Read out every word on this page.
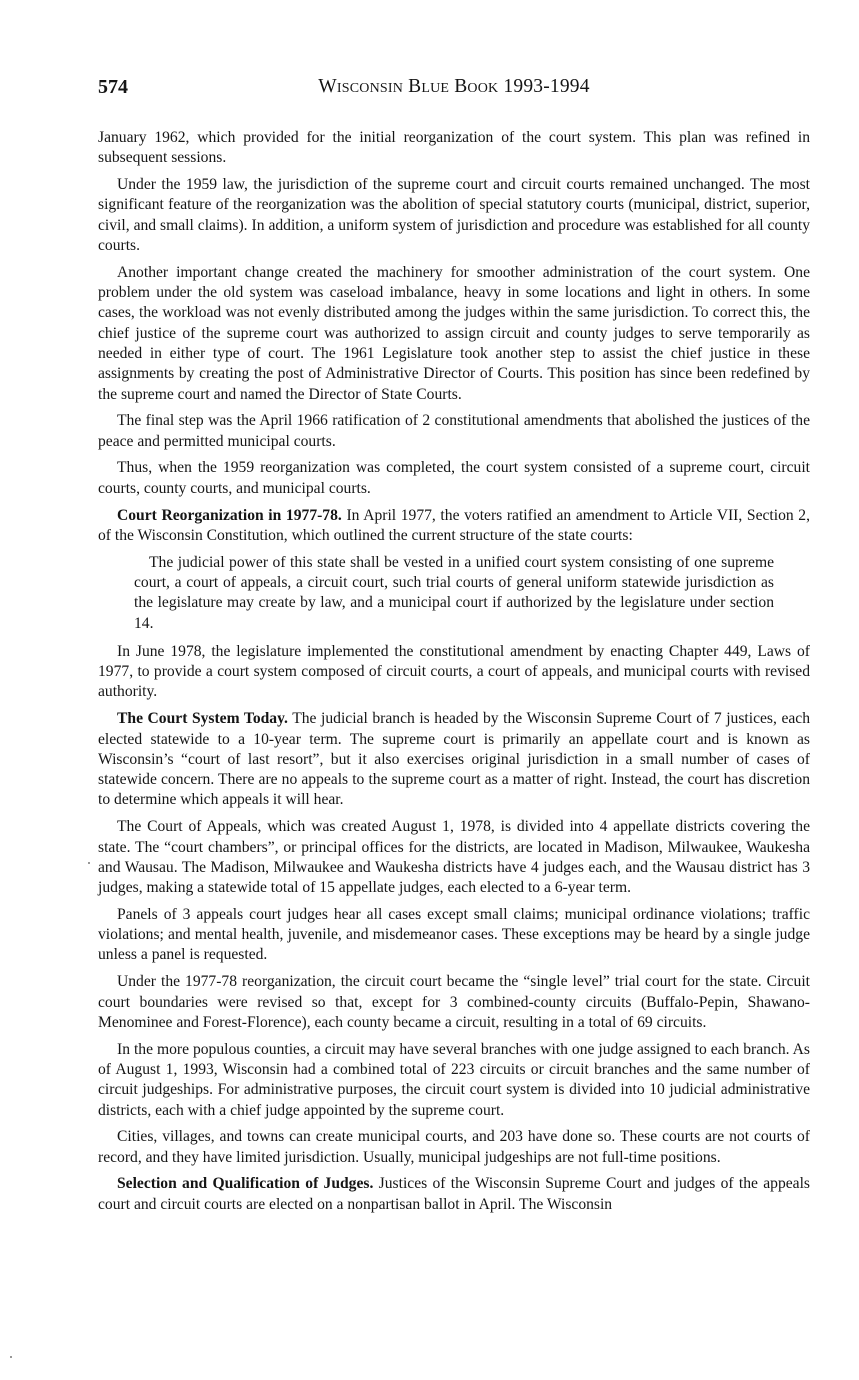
574	Wisconsin Blue Book 1993-1994

January 1962, which provided for the initial reorganization of the court system. This plan was refined in subsequent sessions.

Under the 1959 law, the jurisdiction of the supreme court and circuit courts remained unchanged. The most significant feature of the reorganization was the abolition of special statutory courts (municipal, district, superior, civil, and small claims). In addition, a uniform system of jurisdiction and procedure was established for all county courts.

Another important change created the machinery for smoother administration of the court system. One problem under the old system was caseload imbalance, heavy in some locations and light in others. In some cases, the workload was not evenly distributed among the judges within the same jurisdiction. To correct this, the chief justice of the supreme court was authorized to assign circuit and county judges to serve temporarily as needed in either type of court. The 1961 Legislature took another step to assist the chief justice in these assignments by creating the post of Administrative Director of Courts. This position has since been redefined by the supreme court and named the Director of State Courts.

The final step was the April 1966 ratification of 2 constitutional amendments that abolished the justices of the peace and permitted municipal courts.

Thus, when the 1959 reorganization was completed, the court system consisted of a supreme court, circuit courts, county courts, and municipal courts.

Court Reorganization in 1977-78. In April 1977, the voters ratified an amendment to Article VII, Section 2, of the Wisconsin Constitution, which outlined the current structure of the state courts:

The judicial power of this state shall be vested in a unified court system consisting of one supreme court, a court of appeals, a circuit court, such trial courts of general uniform statewide jurisdiction as the legislature may create by law, and a municipal court if authorized by the legislature under section 14.

In June 1978, the legislature implemented the constitutional amendment by enacting Chapter 449, Laws of 1977, to provide a court system composed of circuit courts, a court of appeals, and municipal courts with revised authority.

The Court System Today. The judicial branch is headed by the Wisconsin Supreme Court of 7 justices, each elected statewide to a 10-year term. The supreme court is primarily an appellate court and is known as Wisconsin’s “court of last resort”, but it also exercises original jurisdiction in a small number of cases of statewide concern. There are no appeals to the supreme court as a matter of right. Instead, the court has discretion to determine which appeals it will hear.

The Court of Appeals, which was created August 1, 1978, is divided into 4 appellate districts covering the state. The “court chambers”, or principal offices for the districts, are located in Madison, Milwaukee, Waukesha and Wausau. The Madison, Milwaukee and Waukesha districts have 4 judges each, and the Wausau district has 3 judges, making a statewide total of 15 appellate judges, each elected to a 6-year term.

Panels of 3 appeals court judges hear all cases except small claims; municipal ordinance violations; traffic violations; and mental health, juvenile, and misdemeanor cases. These exceptions may be heard by a single judge unless a panel is requested.

Under the 1977-78 reorganization, the circuit court became the “single level” trial court for the state. Circuit court boundaries were revised so that, except for 3 combined-county circuits (Buffalo-Pepin, Shawano-Menominee and Forest-Florence), each county became a circuit, resulting in a total of 69 circuits.

In the more populous counties, a circuit may have several branches with one judge assigned to each branch. As of August 1, 1993, Wisconsin had a combined total of 223 circuits or circuit branches and the same number of circuit judgeships. For administrative purposes, the circuit court system is divided into 10 judicial administrative districts, each with a chief judge appointed by the supreme court.

Cities, villages, and towns can create municipal courts, and 203 have done so. These courts are not courts of record, and they have limited jurisdiction. Usually, municipal judgeships are not full-time positions.

Selection and Qualification of Judges. Justices of the Wisconsin Supreme Court and judges of the appeals court and circuit courts are elected on a nonpartisan ballot in April. The Wisconsin
